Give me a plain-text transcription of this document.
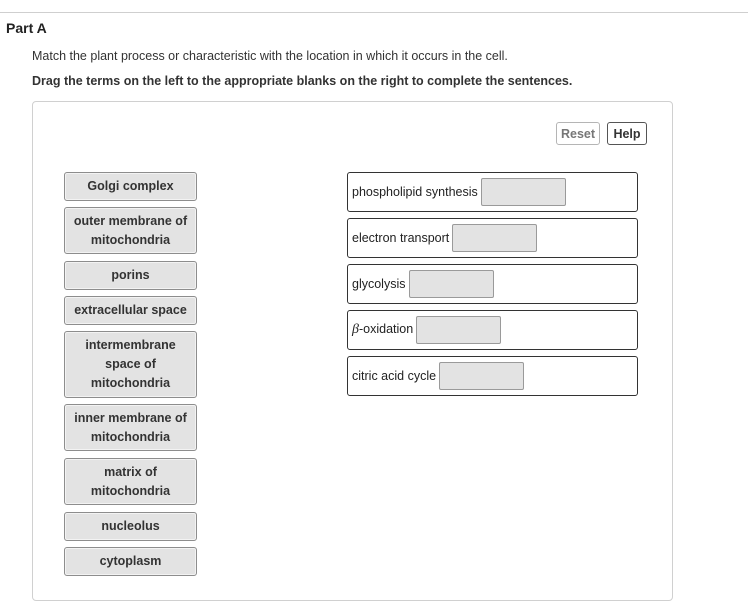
Part A
Match the plant process or characteristic with the location in which it occurs in the cell.
Drag the terms on the left to the appropriate blanks on the right to complete the sentences.
Reset	Help
Golgi complex
outer membrane of mitochondria
porins
extracellular space
intermembrane space of mitochondria
inner membrane of mitochondria
matrix of mitochondria
nucleolus
cytoplasm
phospholipid synthesis
electron transport
glycolysis
β-oxidation
citric acid cycle
